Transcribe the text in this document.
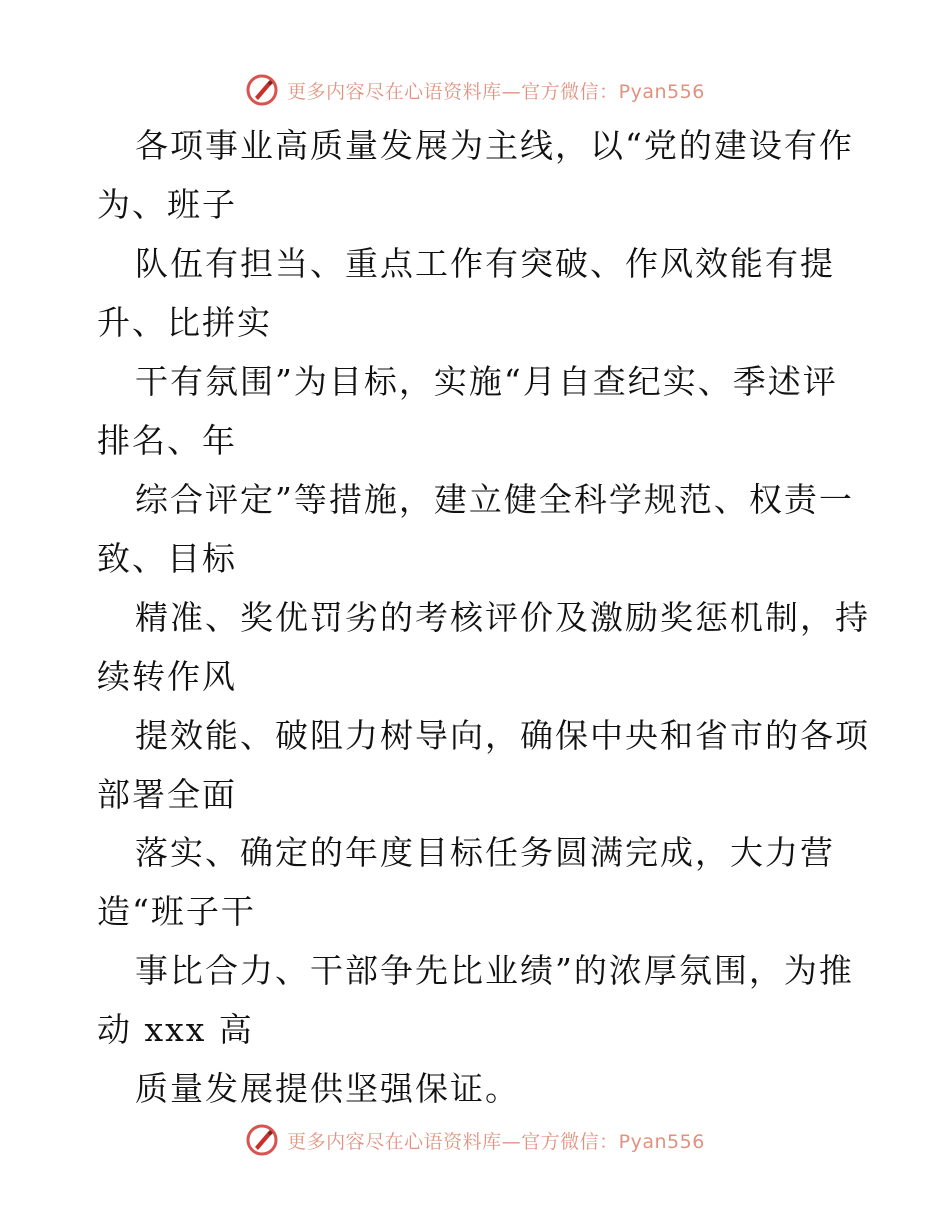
更多内容尽在心语资料库—官方微信：Pyan556
各项事业高质量发展为主线，以“党的建设有作
为、班子
队伍有担当、重点工作有突破、作风效能有提
升、比拼实
干有氛围”为目标，实施“月自查纪实、季述评
排名、年
综合评定”等措施，建立健全科学规范、权责一
致、目标
精准、奖优罚劣的考核评价及激励奖惩机制，持
续转作风
提效能、破阻力树导向，确保中央和省市的各项
部署全面
落实、确定的年度目标任务圆满完成，大力营
造“班子干
事比合力、干部争先比业绩”的浓厚氛围，为推
动 xxx 高
质量发展提供坚强保证。
更多内容尽在心语资料库—官方微信：Pyan556
